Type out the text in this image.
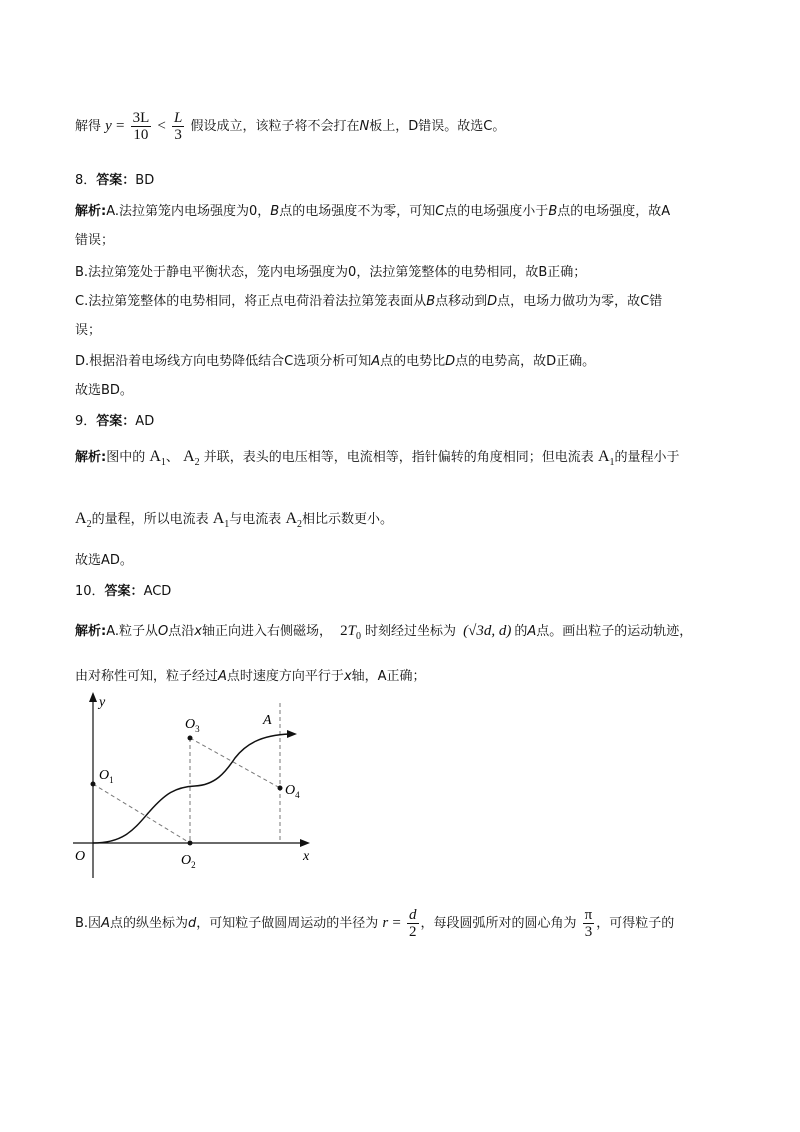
解得 $y = \frac{3L}{10} < \frac{L}{3}$ 假设成立，该粒子将不会打在N板上，D错误。故选C。
8．答案：BD
解析:A.法拉第笼内电场强度为0，B点的电场强度不为零，可知C点的电场强度小于B点的电场强度，故A
错误；
B.法拉第笼处于静电平衡状态，笼内电场强度为0，法拉第笼整体的电势相同，故B正确；
C.法拉第笼整体的电势相同，将正点电荷沿着法拉第笼表面从B点移动到D点，电场力做功为零，故C错
误；
D.根据沿着电场线方向电势降低结合C选项分析可知A点的电势比D点的电势高，故D正确。
故选BD。
9．答案：AD
解析:图中的 $A_1$、 $A_2$ 并联，表头的电压相等，电流相等，指针偏转的角度相同；但电流表 $A_1$的量程小于
$A_2$的量程，所以电流表 $A_1$与电流表 $A_2$相比示数更小。
故选AD。
10．答案：ACD
解析:A.粒子从O点沿x轴正向进入右侧磁场， $2T_0$ 时刻经过坐标为 (√3d, d) 的A点。画出粒子的运动轨迹，
由对称性可知，粒子经过A点时速度方向平行于x轴，A正确；
y
x
O
$O_1$
$O_2$
$O_3$
$O_4$
A
B.因A点的纵坐标为d，可知粒子做圆周运动的半径为 $r = \frac{d}{2}$ ，每段圆弧所对的圆心角为 $\frac{\pi}{3}$ ，可得粒子的
